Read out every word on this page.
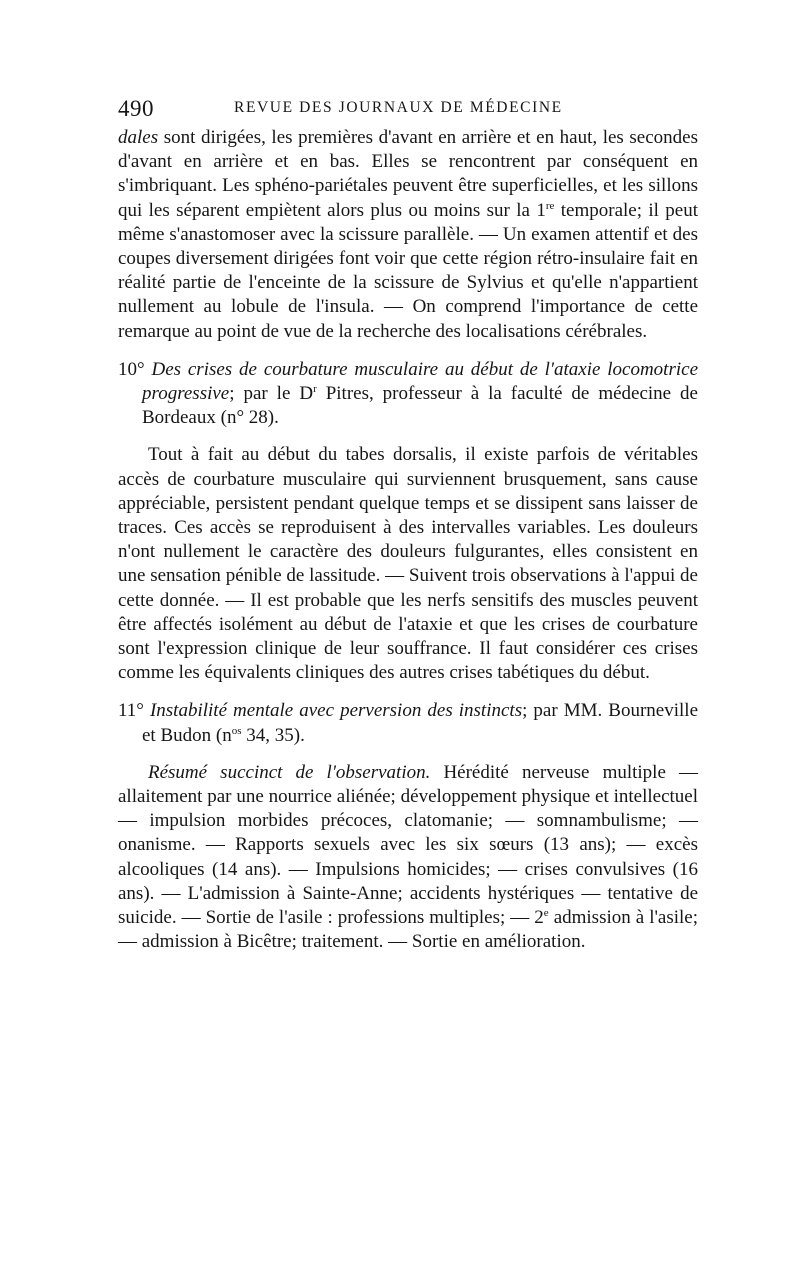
490	REVUE DES JOURNAUX DE MÉDECINE

dales sont dirigées, les premières d'avant en arrière et en haut, les secondes d'avant en arrière et en bas. Elles se rencontrent par conséquent en s'imbriquant. Les sphéno-pariétales peuvent être superficielles, et les sillons qui les séparent empiètent alors plus ou moins sur la 1re temporale; il peut même s'anastomoser avec la scissure parallèle. — Un examen attentif et des coupes diversement dirigées font voir que cette région rétro-insulaire fait en réalité partie de l'enceinte de la scissure de Sylvius et qu'elle n'appartient nullement au lobule de l'insula. — On comprend l'importance de cette remarque au point de vue de la recherche des localisations cérébrales.

10° Des crises de courbature musculaire au début de l'ataxie locomotrice progressive; par le $D^r$ Pitres, professeur à la faculté de médecine de Bordeaux (n° 28).

Tout à fait au début du tabes dorsalis, il existe parfois de véritables accès de courbature musculaire qui surviennent brusquement, sans cause appréciable, persistent pendant quelque temps et se dissipent sans laisser de traces. Ces accès se reproduisent à des intervalles variables. Les douleurs n'ont nullement le caractère des douleurs fulgurantes, elles consistent en une sensation pénible de lassitude. — Suivent trois observations à l'appui de cette donnée. — Il est probable que les nerfs sensitifs des muscles peuvent être affectés isolément au début de l'ataxie et que les crises de courbature sont l'expression clinique de leur souffrance. Il faut considérer ces crises comme les équivalents cliniques des autres crises tabétiques du début.

11° Instabilité mentale avec perversion des instincts; par MM. Bourneville et Budon ($n^{os}$ 34, 35).

Résumé succinct de l'observation. Hérédité nerveuse multiple — allaitement par une nourrice aliénée; développement physique et intellectuel — impulsion morbides précoces, clatomanie; — somnambulisme; — onanisme. — Rapports sexuels avec les six sœurs (13 ans); — excès alcooliques (14 ans). — Impulsions homicides; — crises convulsives (16 ans). — L'admission à Sainte-Anne; accidents hystériques — tentative de suicide. — Sortie de l'asile : professions multiples; — 2e admission à l'asile; — admission à Bicêtre; traitement. — Sortie en amélioration.
